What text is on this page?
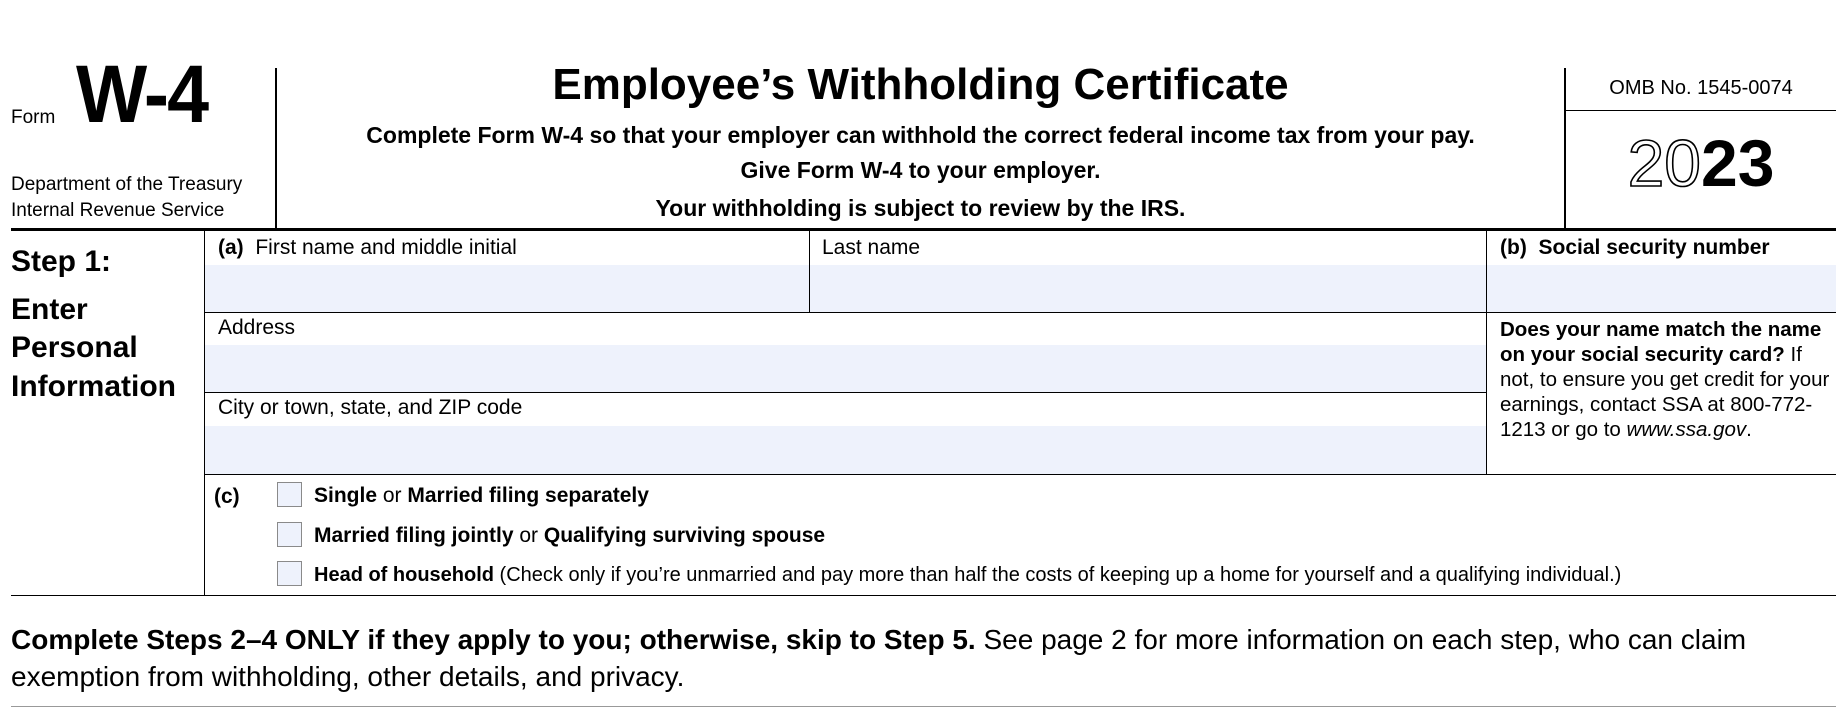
Form W-4
Department of the Treasury
Internal Revenue Service
Employee’s Withholding Certificate
Complete Form W-4 so that your employer can withhold the correct federal income tax from your pay.
Give Form W-4 to your employer.
Your withholding is subject to review by the IRS.
OMB No. 1545-0074
2023
Step 1:
Enter
Personal
Information
(a) First name and middle initial	Last name	(b) Social security number
Address
City or town, state, and ZIP code
Does your name match the name on your social security card? If not, to ensure you get credit for your earnings, contact SSA at 800-772-1213 or go to www.ssa.gov.
(c)	Single or Married filing separately
Married filing jointly or Qualifying surviving spouse
Head of household (Check only if you’re unmarried and pay more than half the costs of keeping up a home for yourself and a qualifying individual.)
Complete Steps 2–4 ONLY if they apply to you; otherwise, skip to Step 5. See page 2 for more information on each step, who can claim exemption from withholding, other details, and privacy.
